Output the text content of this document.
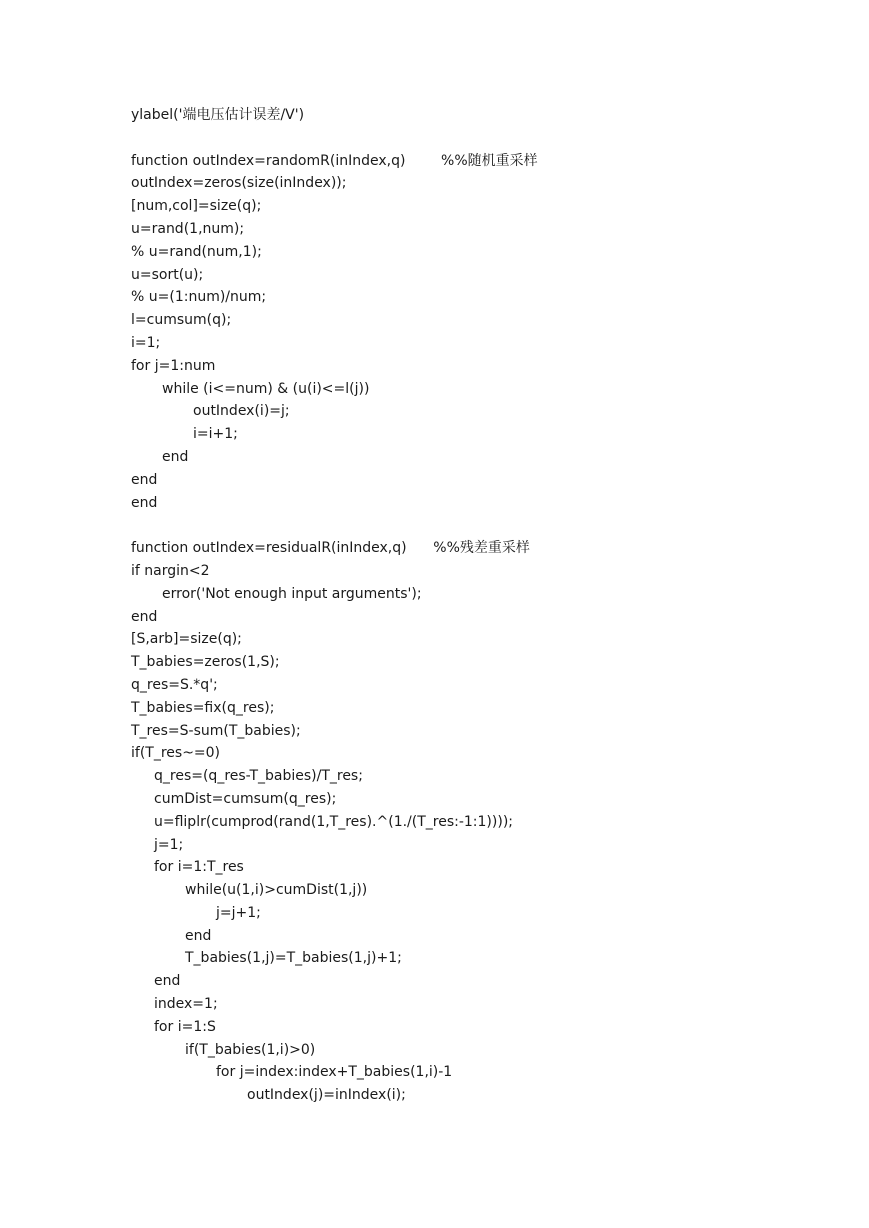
ylabel('端电压估计误差/V')
function outIndex=randomR(inIndex,q)        %%随机重采样
outIndex=zeros(size(inIndex));
[num,col]=size(q);
u=rand(1,num);
% u=rand(num,1);
u=sort(u);
% u=(1:num)/num;
l=cumsum(q);
i=1;
for j=1:num
while (i<=num) & (u(i)<=l(j))
outIndex(i)=j;
i=i+1;
end
end
end
function outIndex=residualR(inIndex,q)      %%残差重采样
if nargin<2
error('Not enough input arguments');
end
[S,arb]=size(q);
T_babies=zeros(1,S);
q_res=S.*q';
T_babies=fix(q_res);
T_res=S-sum(T_babies);
if(T_res~=0)
q_res=(q_res-T_babies)/T_res;
cumDist=cumsum(q_res);
u=fliplr(cumprod(rand(1,T_res).^(1./(T_res:-1:1))));
j=1;
for i=1:T_res
while(u(1,i)>cumDist(1,j))
j=j+1;
end
T_babies(1,j)=T_babies(1,j)+1;
end
index=1;
for i=1:S
if(T_babies(1,i)>0)
for j=index:index+T_babies(1,i)-1
outIndex(j)=inIndex(i);
